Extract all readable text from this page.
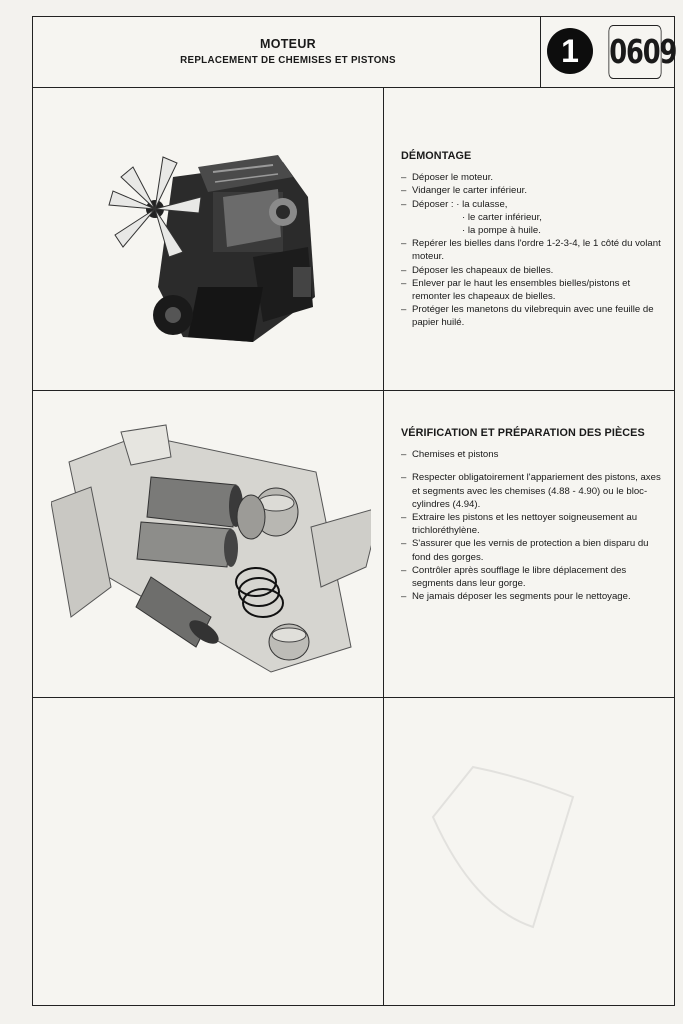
MOTEUR
REPLACEMENT DE CHEMISES ET PISTONS	1 0609
DÉMONTAGE
– Déposer le moteur.
– Vidanger le carter inférieur.
– Déposer : · la culasse,
· le carter inférieur,
· la pompe à huile.
– Repérer les bielles dans l'ordre 1-2-3-4, le 1 côté du volant moteur.
– Déposer les chapeaux de bielles.
– Enlever par le haut les ensembles bielles/pistons et remonter les chapeaux de bielles.
– Protéger les manetons du vilebrequin avec une feuille de papier huilé.
VÉRIFICATION ET PRÉPARATION DES PIÈCES
– Chemises et pistons
– Respecter obligatoirement l'appariement des pistons, axes et segments avec les chemises (4.88 - 4.90) ou le bloc-cylindres (4.94).
– Extraire les pistons et les nettoyer soigneusement au trichloréthylène.
– S'assurer que les vernis de protection a bien disparu du fond des gorges.
– Contrôler après soufflage le libre déplacement des segments dans leur gorge.
– Ne jamais déposer les segments pour le nettoyage.
